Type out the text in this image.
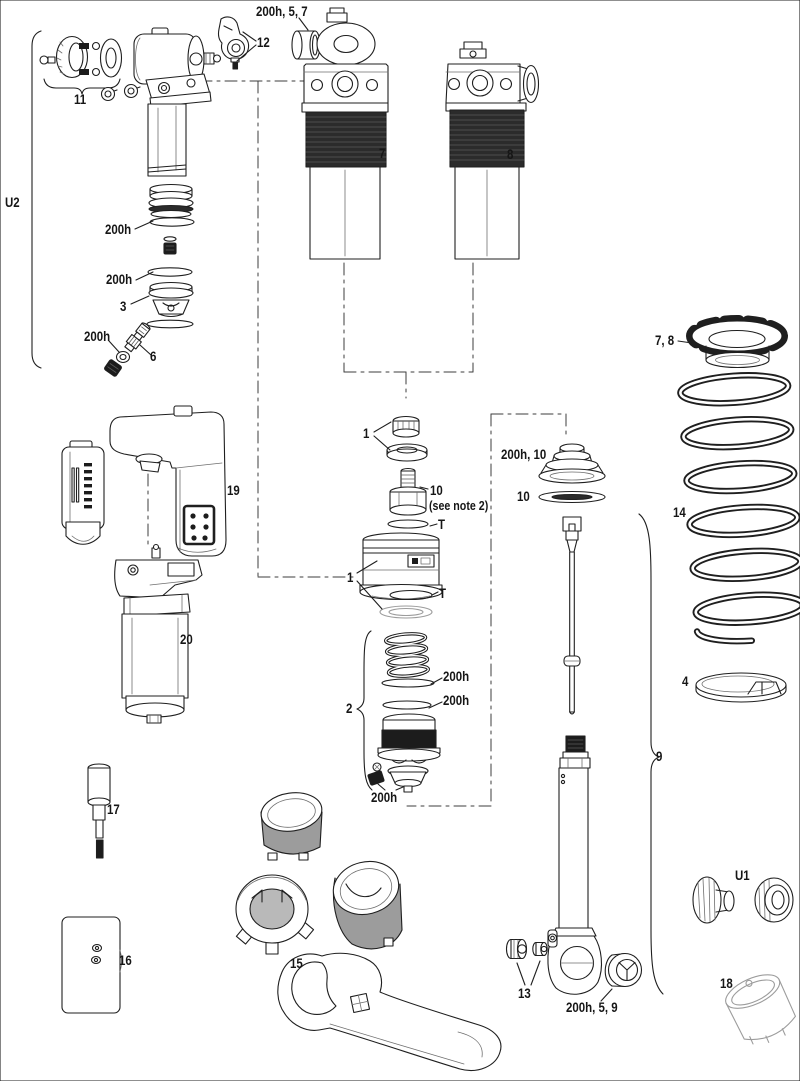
200h, 5, 7
12
11
U2
200h
200h
3
200h
6
7	8
7, 8
14
1
10
(see note 2)
T
1
T
200h, 10
10
200h
200h
2
200h
19
20
9
4
17
16	15
U1
18
13
200h, 5, 9
